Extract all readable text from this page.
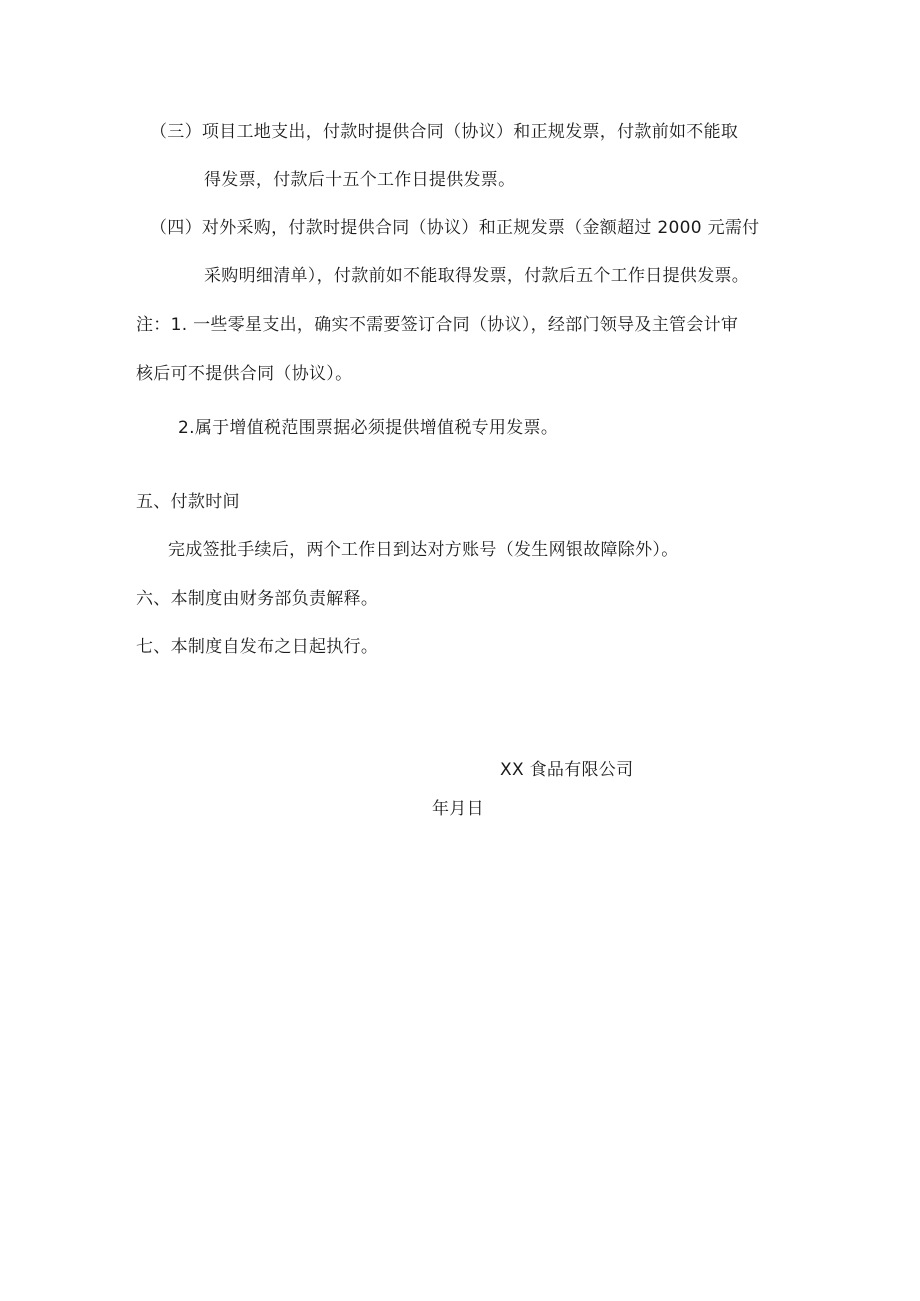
（三）项目工地支出，付款时提供合同（协议）和正规发票，付款前如不能取
得发票，付款后十五个工作日提供发票。
（四）对外采购，付款时提供合同（协议）和正规发票（金额超过 2000 元需付
采购明细清单），付款前如不能取得发票，付款后五个工作日提供发票。
注：1. 一些零星支出，确实不需要签订合同（协议），经部门领导及主管会计审
核后可不提供合同（协议）。
2.属于增值税范围票据必须提供增值税专用发票。
五、付款时间
完成签批手续后，两个工作日到达对方账号（发生网银故障除外）。
六、本制度由财务部负责解释。
七、本制度自发布之日起执行。
XX 食品有限公司
年月日
